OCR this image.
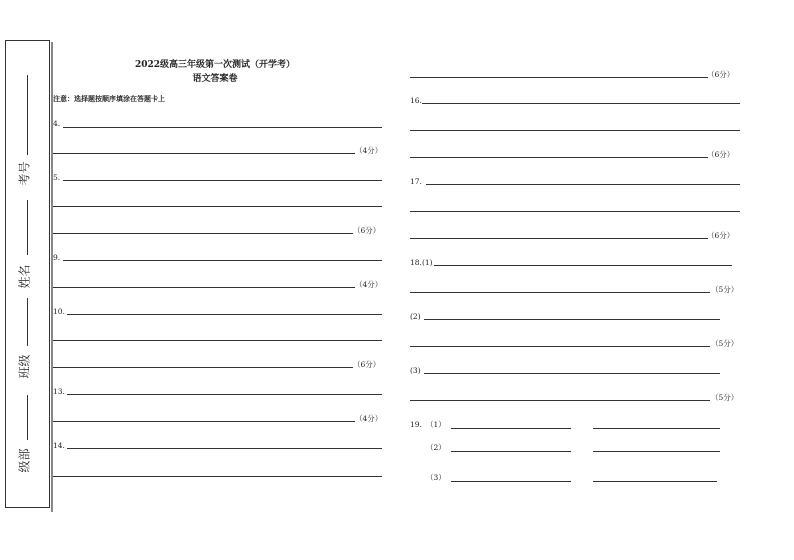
考号
姓名
班级
级部
2022级高三年级第一次测试（开学考）
语文答案卷
注意：选择题按顺序填涂在答题卡上
4.
（4分）
5.
（6分）
9.
（4分）
10.
（6分）
13.
（4分）
14.
（6分）
16.
（6分）
17.
（6分）
18.(1)
（5分）
(2)
（5分）
(3)
（5分）
19. （1）
（2）
（3）
